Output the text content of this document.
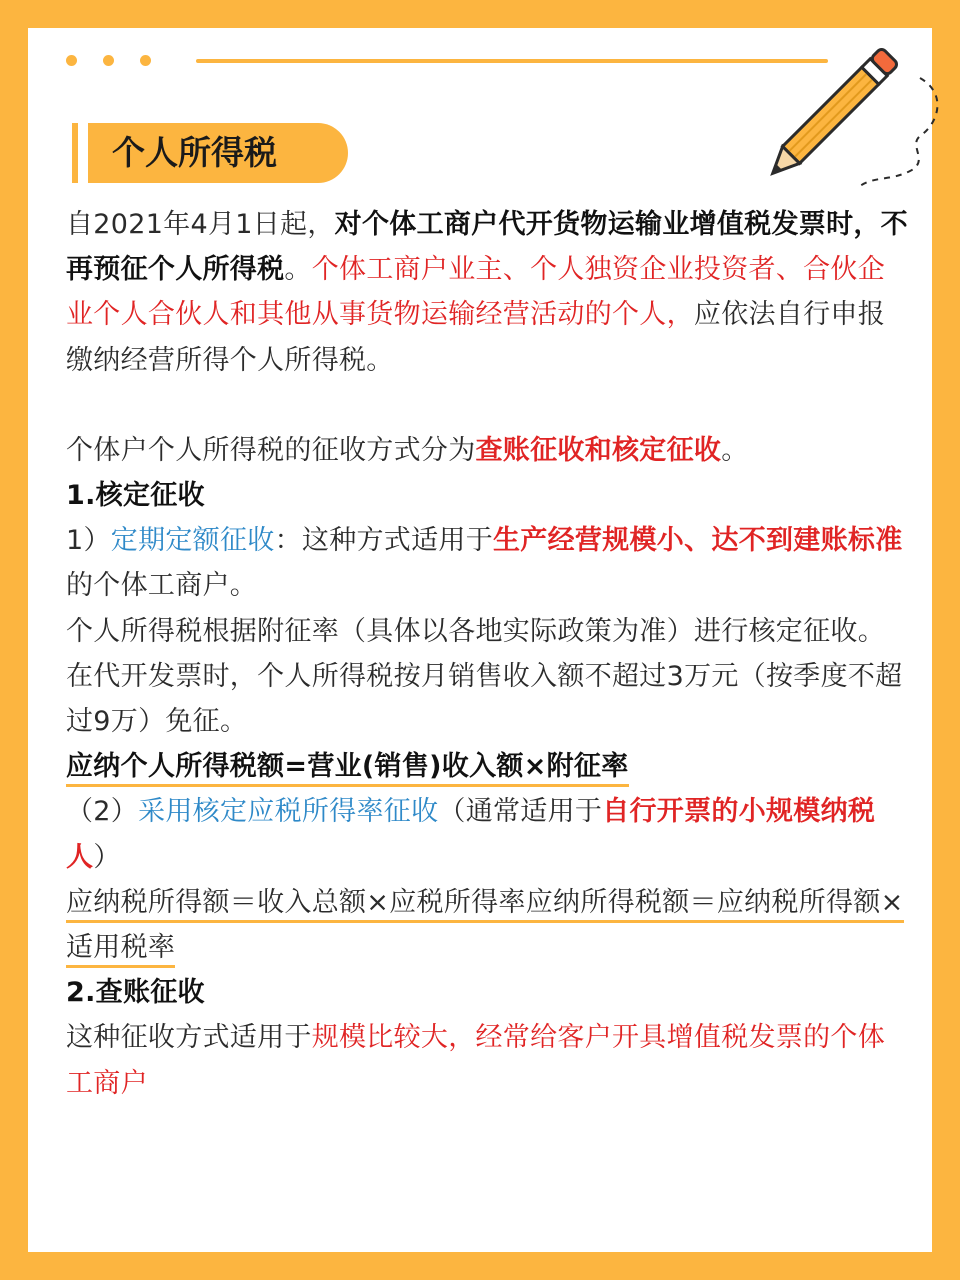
个人所得税

自2021年4月1日起，对个体工商户代开货物运输业增值税发票时，不再预征个人所得税。个体工商户业主、个人独资企业投资者、合伙企业个人合伙人和其他从事货物运输经营活动的个人，应依法自行申报缴纳经营所得个人所得税。

个体户个人所得税的征收方式分为查账征收和核定征收。

1.核定征收

1）定期定额征收：这种方式适用于生产经营规模小、达不到建账标准的个体工商户。

个人所得税根据附征率（具体以各地实际政策为准）进行核定征收。在代开发票时，个人所得税按月销售收入额不超过3万元（按季度不超过9万）免征。

应纳个人所得税额=营业(销售)收入额×附征率

（2）采用核定应税所得率征收（通常适用于自行开票的小规模纳税人）

应纳税所得额＝收入总额×应税所得率应纳所得税额＝应纳税所得额×适用税率

2.查账征收

这种征收方式适用于规模比较大，经常给客户开具增值税发票的个体工商户
